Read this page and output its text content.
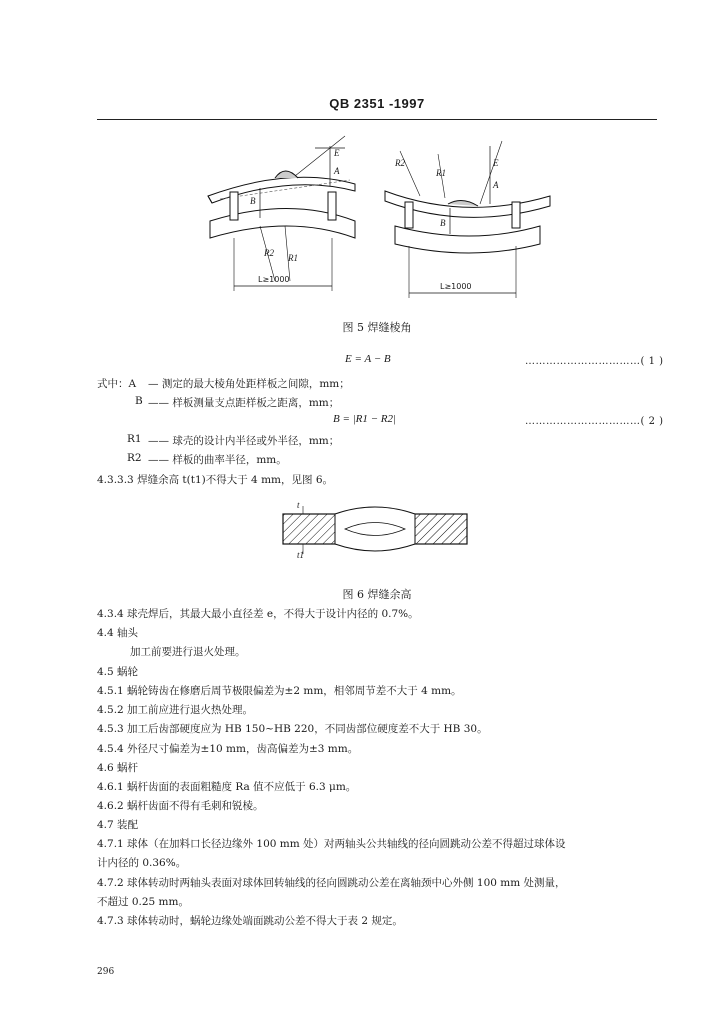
QB 2351 -1997
B
E
A
R2 R1
L≥1000
B
R2
R1
E
A
L≥1000
图 5 焊缝棱角
E = A − B	……………………………( 1 )
式中：A — 测定的最大棱角处距样板之间隙，mm；
B —— 样板测量支点距样板之距离，mm；
B = |R1 − R2|	……………………………( 2 )
R1 —— 球壳的设计内半径或外半径，mm；
R2 —— 样板的曲率半径，mm。
4.3.3.3 焊缝余高 t(t1)不得大于 4 mm，见图 6。
t
t1
图 6 焊缝余高
4.3.4 球壳焊后，其最大最小直径差 e，不得大于设计内径的 0.7%。
4.4 轴头
加工前要进行退火处理。
4.5 蜗轮
4.5.1 蜗轮铸齿在修磨后周节极限偏差为±2 mm，相邻周节差不大于 4 mm。
4.5.2 加工前应进行退火热处理。
4.5.3 加工后齿部硬度应为 HB 150~HB 220，不同齿部位硬度差不大于 HB 30。
4.5.4 外径尺寸偏差为±10 mm，齿高偏差为±3 mm。
4.6 蜗杆
4.6.1 蜗杆齿面的表面粗糙度 Ra 值不应低于 6.3 μm。
4.6.2 蜗杆齿面不得有毛刺和锐棱。
4.7 装配
4.7.1 球体（在加料口长径边缘外 100 mm 处）对两轴头公共轴线的径向圆跳动公差不得超过球体设
计内径的 0.36%。
4.7.2 球体转动时两轴头表面对球体回转轴线的径向圆跳动公差在离轴颈中心外侧 100 mm 处测量，
不超过 0.25 mm。
4.7.3 球体转动时，蜗轮边缘处端面跳动公差不得大于表 2 规定。
296
